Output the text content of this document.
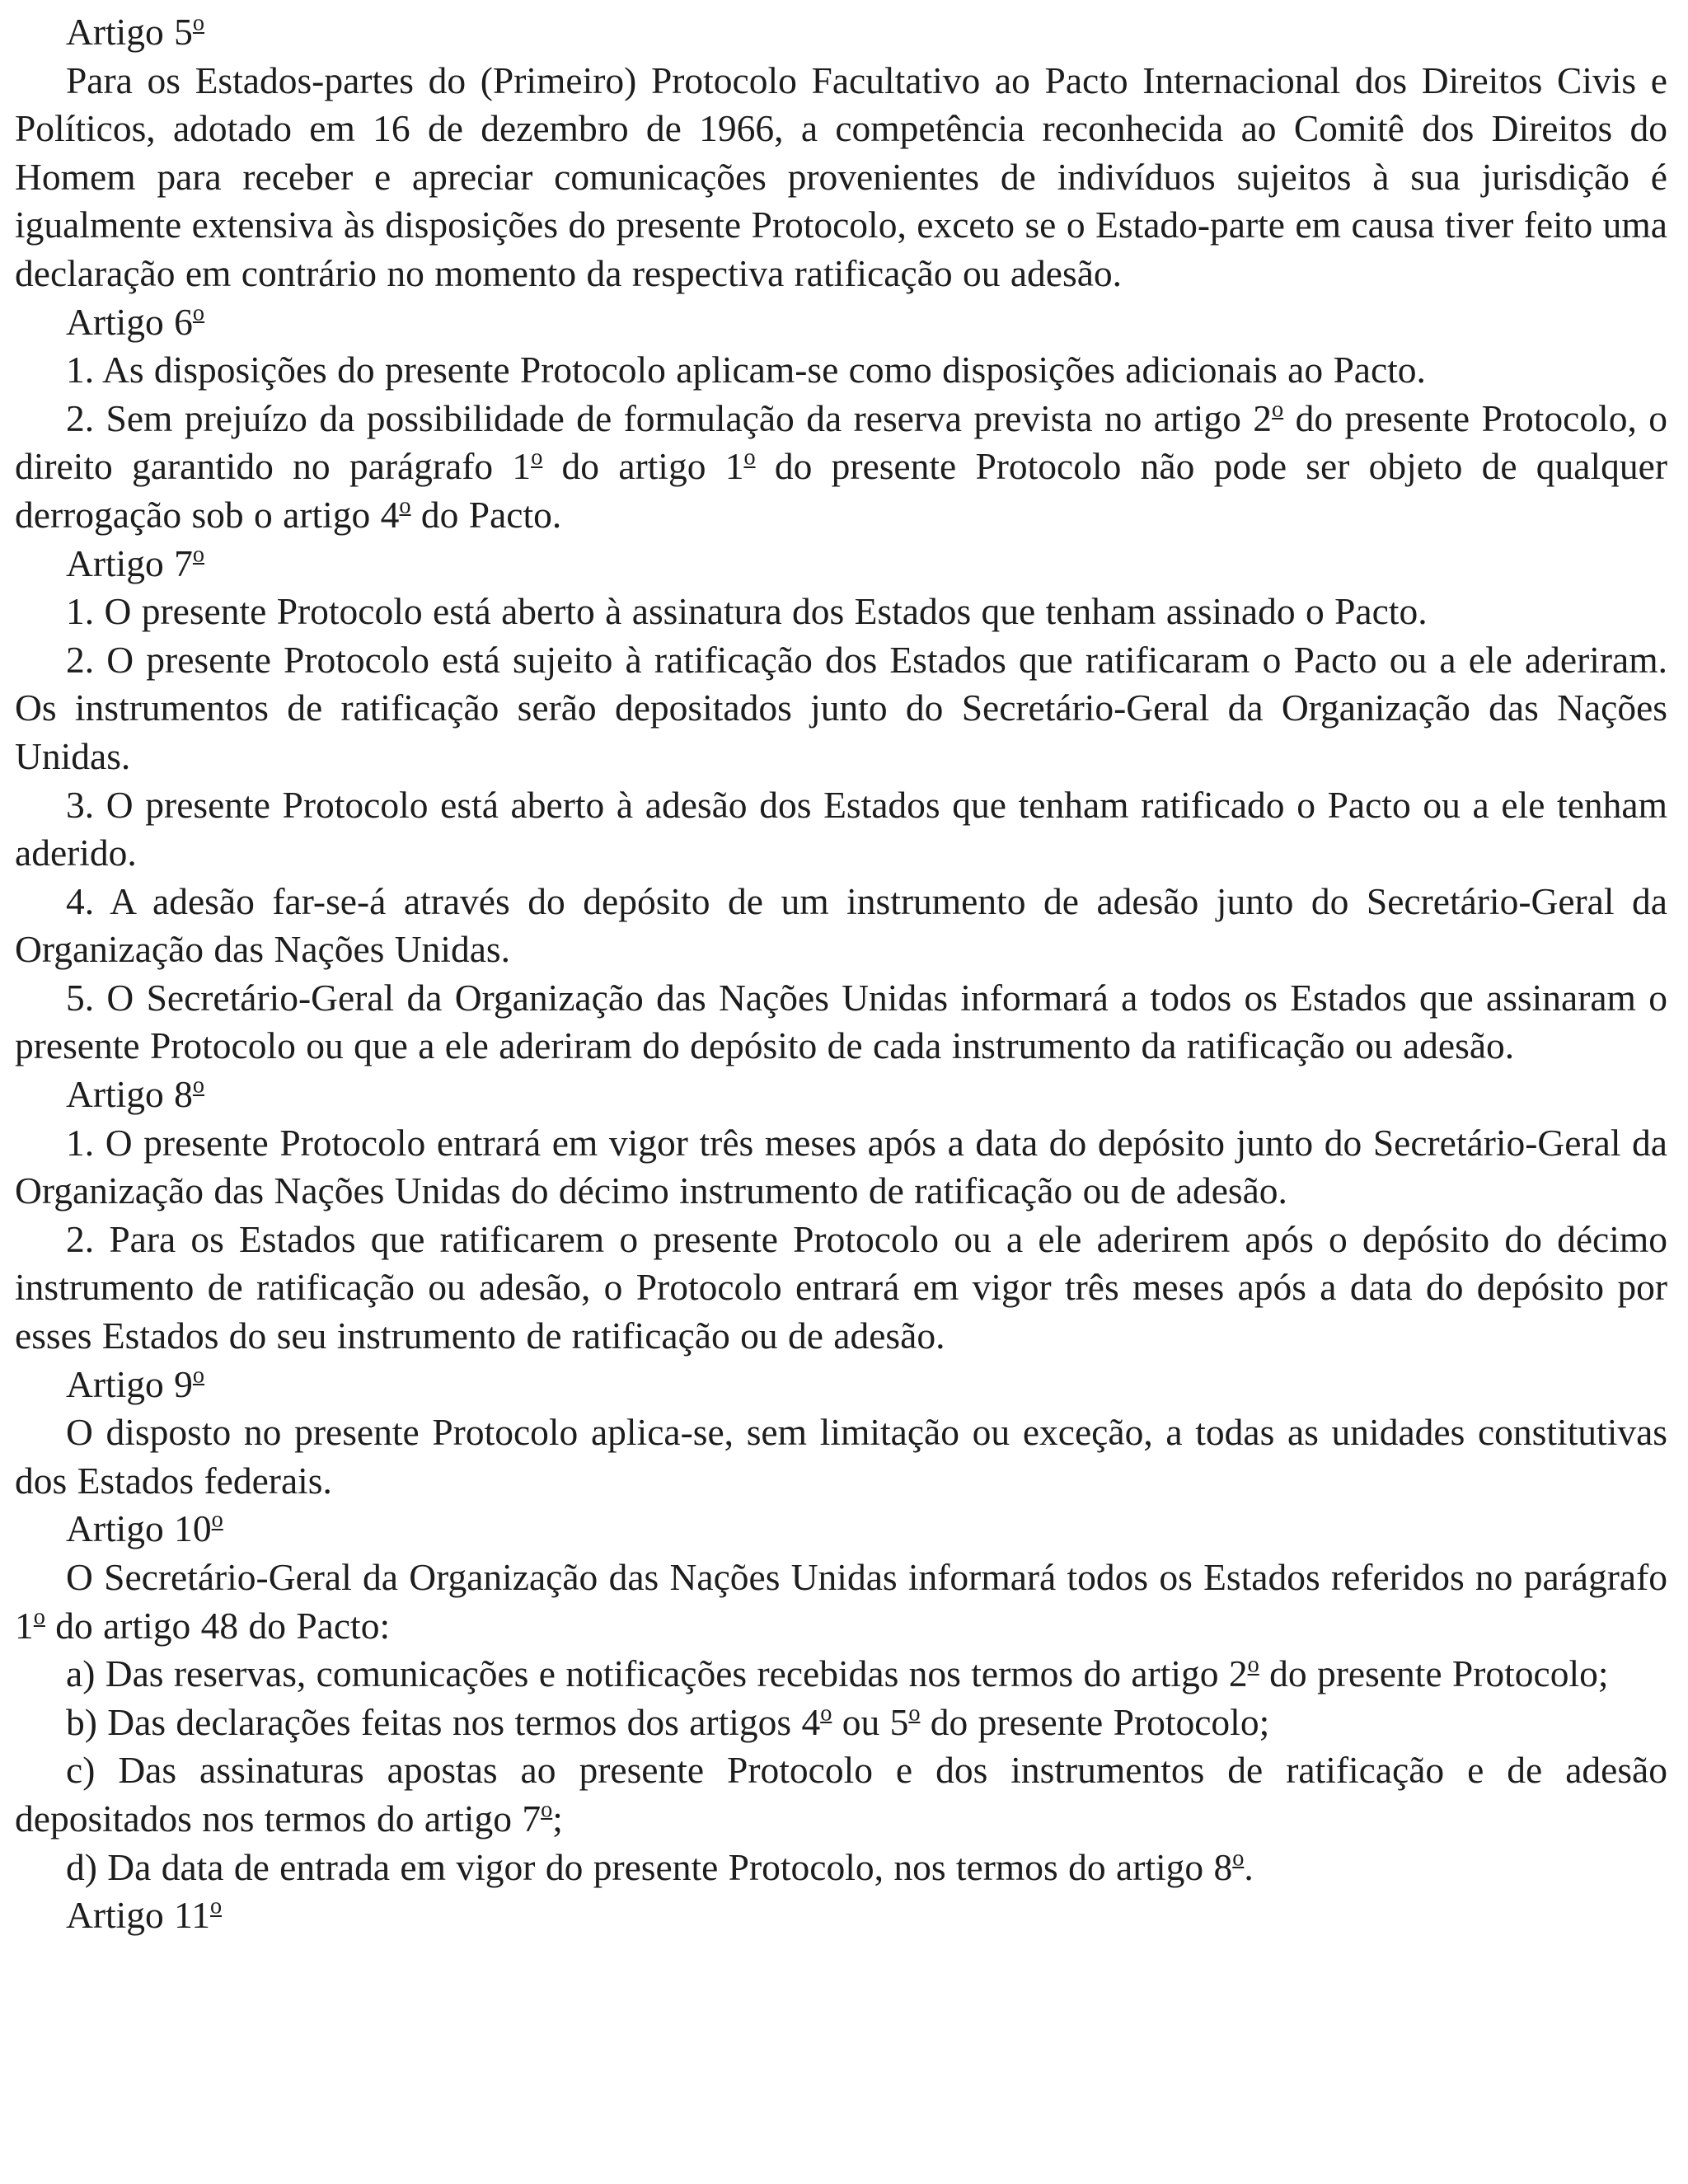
Artigo 5$^o$

Para os Estados-partes do (Primeiro) Protocolo Facultativo ao Pacto Internacional dos Direitos Civis e Políticos, adotado em 16 de dezembro de 1966, a competência reconhecida ao Comitê dos Direitos do Homem para receber e apreciar comunicações provenientes de indivíduos sujeitos à sua jurisdição é igualmente extensiva às disposições do presente Protocolo, exceto se o Estado-parte em causa tiver feito uma declaração em contrário no momento da respectiva ratificação ou adesão.

Artigo 6$^o$

1. As disposições do presente Protocolo aplicam-se como disposições adicionais ao Pacto.

2. Sem prejuízo da possibilidade de formulação da reserva prevista no artigo 2$^o$ do presente Protocolo, o direito garantido no parágrafo 1$^o$ do artigo 1$^o$ do presente Protocolo não pode ser objeto de qualquer derrogação sob o artigo 4$^o$ do Pacto.

Artigo 7$^o$

1. O presente Protocolo está aberto à assinatura dos Estados que tenham assinado o Pacto.

2. O presente Protocolo está sujeito à ratificação dos Estados que ratificaram o Pacto ou a ele aderiram. Os instrumentos de ratificação serão depositados junto do Secretário-Geral da Organização das Nações Unidas.

3. O presente Protocolo está aberto à adesão dos Estados que tenham ratificado o Pacto ou a ele tenham aderido.

4. A adesão far-se-á através do depósito de um instrumento de adesão junto do Secretário-Geral da Organização das Nações Unidas.

5. O Secretário-Geral da Organização das Nações Unidas informará a todos os Estados que assinaram o presente Protocolo ou que a ele aderiram do depósito de cada instrumento da ratificação ou adesão.

Artigo 8$^o$

1. O presente Protocolo entrará em vigor três meses após a data do depósito junto do Secretário-Geral da Organização das Nações Unidas do décimo instrumento de ratificação ou de adesão.

2. Para os Estados que ratificarem o presente Protocolo ou a ele aderirem após o depósito do décimo instrumento de ratificação ou adesão, o Protocolo entrará em vigor três meses após a data do depósito por esses Estados do seu instrumento de ratificação ou de adesão.

Artigo 9$^o$

O disposto no presente Protocolo aplica-se, sem limitação ou exceção, a todas as unidades constitutivas dos Estados federais.

Artigo 10$^o$

O Secretário-Geral da Organização das Nações Unidas informará todos os Estados referidos no parágrafo 1$^o$ do artigo 48 do Pacto:

a) Das reservas, comunicações e notificações recebidas nos termos do artigo 2$^o$ do presente Protocolo;

b) Das declarações feitas nos termos dos artigos 4$^o$ ou 5$^o$ do presente Protocolo;

c) Das assinaturas apostas ao presente Protocolo e dos instrumentos de ratificação e de adesão depositados nos termos do artigo 7$^o$;

d) Da data de entrada em vigor do presente Protocolo, nos termos do artigo 8$^o$.

Artigo 11$^o$
